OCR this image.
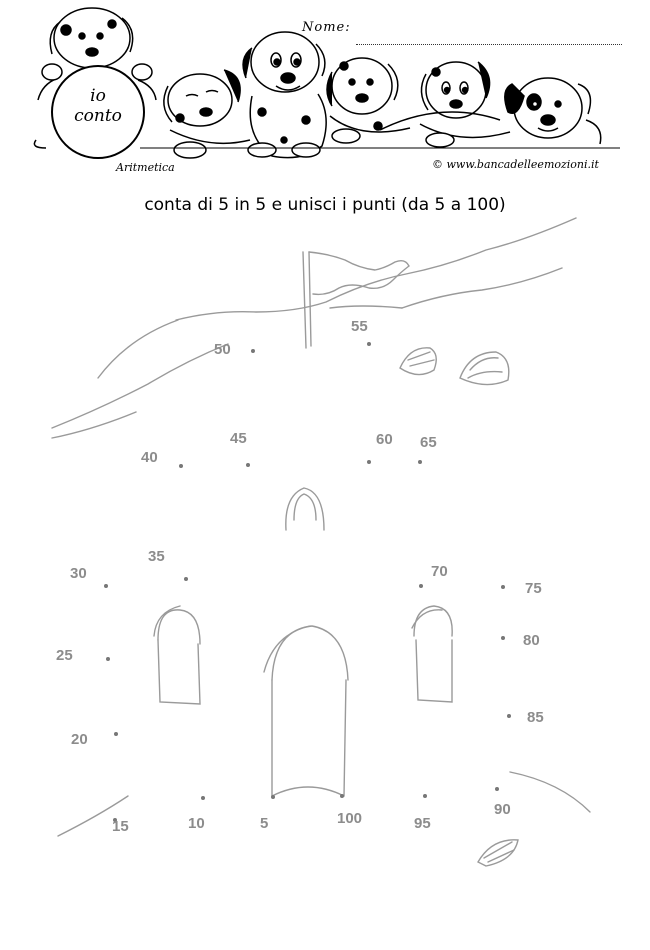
io
conto
Nome:
Aritmetica	© www.bancadelleemozioni.it
conta di 5 in 5 e unisci i punti (da 5 a 100)
5
10
15
20
25
30
35
40
45
50
55
60 65
70
75
80
85
90
95
100
